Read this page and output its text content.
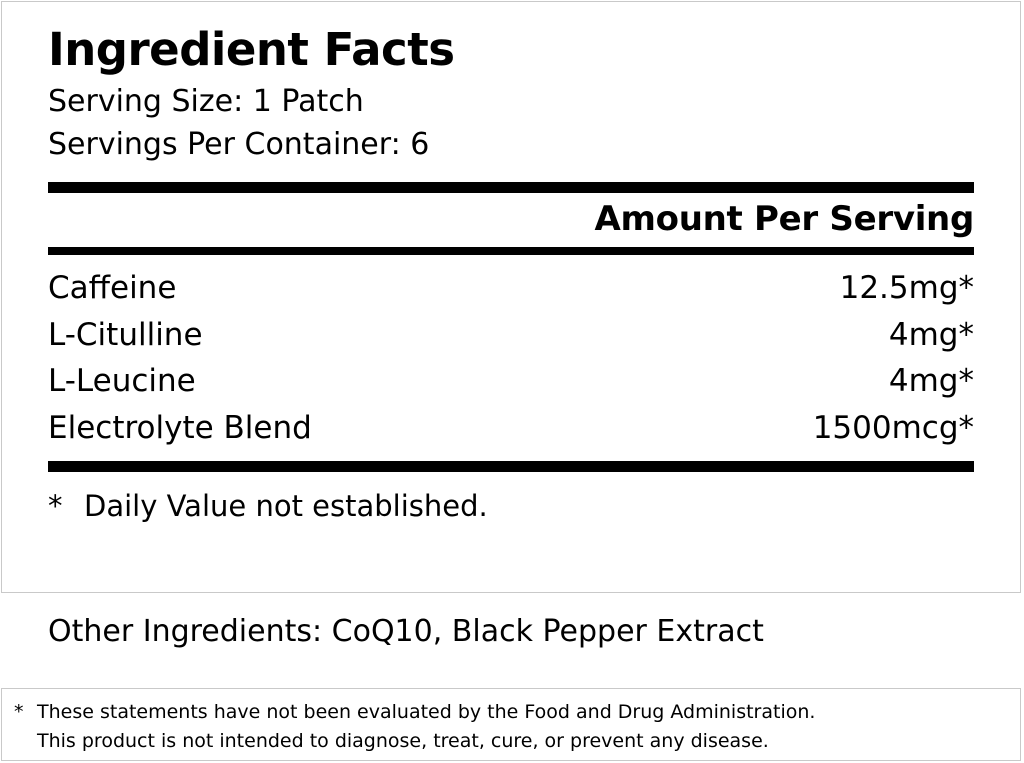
Ingredient Facts
Serving Size: 1 Patch
Servings Per Container: 6
Amount Per Serving
Caffeine	12.5mg*
L-Citulline	4mg*
L-Leucine	4mg*
Electrolyte Blend	1500mcg*
* Daily Value not established.
Other Ingredients: CoQ10, Black Pepper Extract
* These statements have not been evaluated by the Food and Drug Administration.
This product is not intended to diagnose, treat, cure, or prevent any disease.
